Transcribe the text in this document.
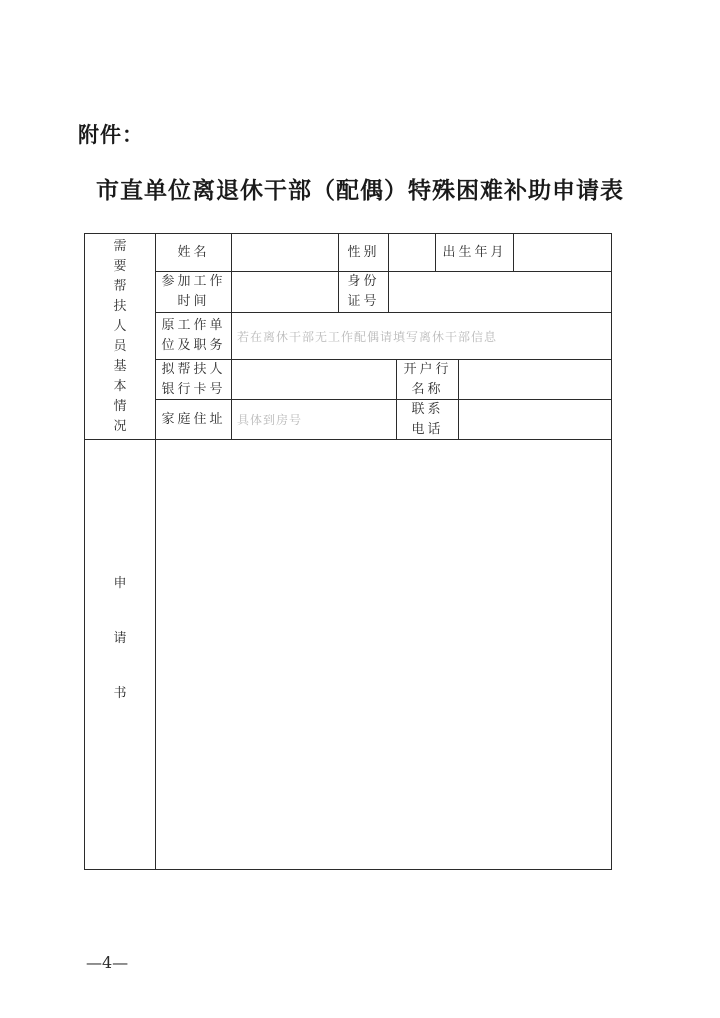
附件：
市直单位离退休干部（配偶）特殊困难补助申请表
需
要
帮
扶
人
员
基
本
情
况
申
请
书
姓名	性别	出生年月
参加工作
时间
身份
证号
原工作单
位及职务
若在离休干部无工作配偶请填写离休干部信息
拟帮扶人
银行卡号
开户行
名称
家庭住址 具体到房号
联系
电话
—4—
